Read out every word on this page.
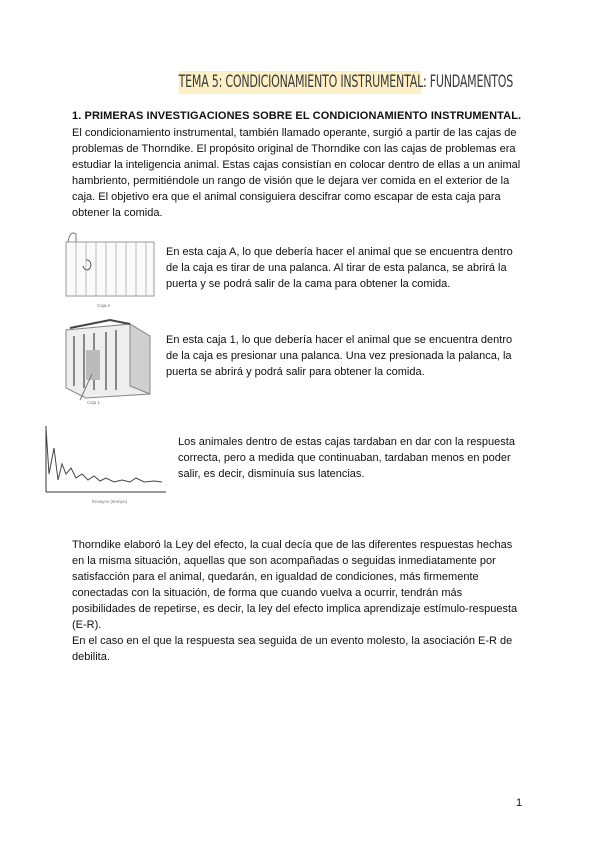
TEMA 5: CONDICIONAMIENTO INSTRUMENTAL: FUNDAMENTOS
1. PRIMERAS INVESTIGACIONES SOBRE EL CONDICIONAMIENTO INSTRUMENTAL.
El condicionamiento instrumental, también llamado operante, surgió a partir de las cajas de
problemas de Thorndike. El propósito original de Thorndike con las cajas de problemas era
estudiar la inteligencia animal. Estas cajas consistían en colocar dentro de ellas a un animal
hambriento, permitiéndole un rango de visión que le dejara ver comida en el exterior de la
caja. El objetivo era que el animal consiguiera descifrar como escapar de esta caja para
obtener la comida.
Caja A
En esta caja A, lo que debería hacer el animal que se encuentra dentro
de la caja es tirar de una palanca. Al tirar de esta palanca, se abrirá la
puerta y se podrá salir de la cama para obtener la comida.
Caja 1
En esta caja 1, lo que debería hacer el animal que se encuentra dentro
de la caja es presionar una palanca. Una vez presionada la palanca, la
puerta se abrirá y podrá salir para obtener la comida.
Ensayos (tiempo)
Los animales dentro de estas cajas tardaban en dar con la respuesta
correcta, pero a medida que continuaban, tardaban menos en poder
salir, es decir, disminuía sus latencias.
Thorndike elaboró la Ley del efecto, la cual decía que de las diferentes respuestas hechas
en la misma situación, aquellas que son acompañadas o seguidas inmediatamente por
satisfacción para el animal, quedarán, en igualdad de condiciones, más firmemente
conectadas con la situación, de forma que cuando vuelva a ocurrir, tendrán más
posibilidades de repetirse, es decir, la ley del efecto implica aprendizaje estímulo-respuesta
(E-R).
En el caso en el que la respuesta sea seguida de un evento molesto, la asociación E-R de
debilita.
1
